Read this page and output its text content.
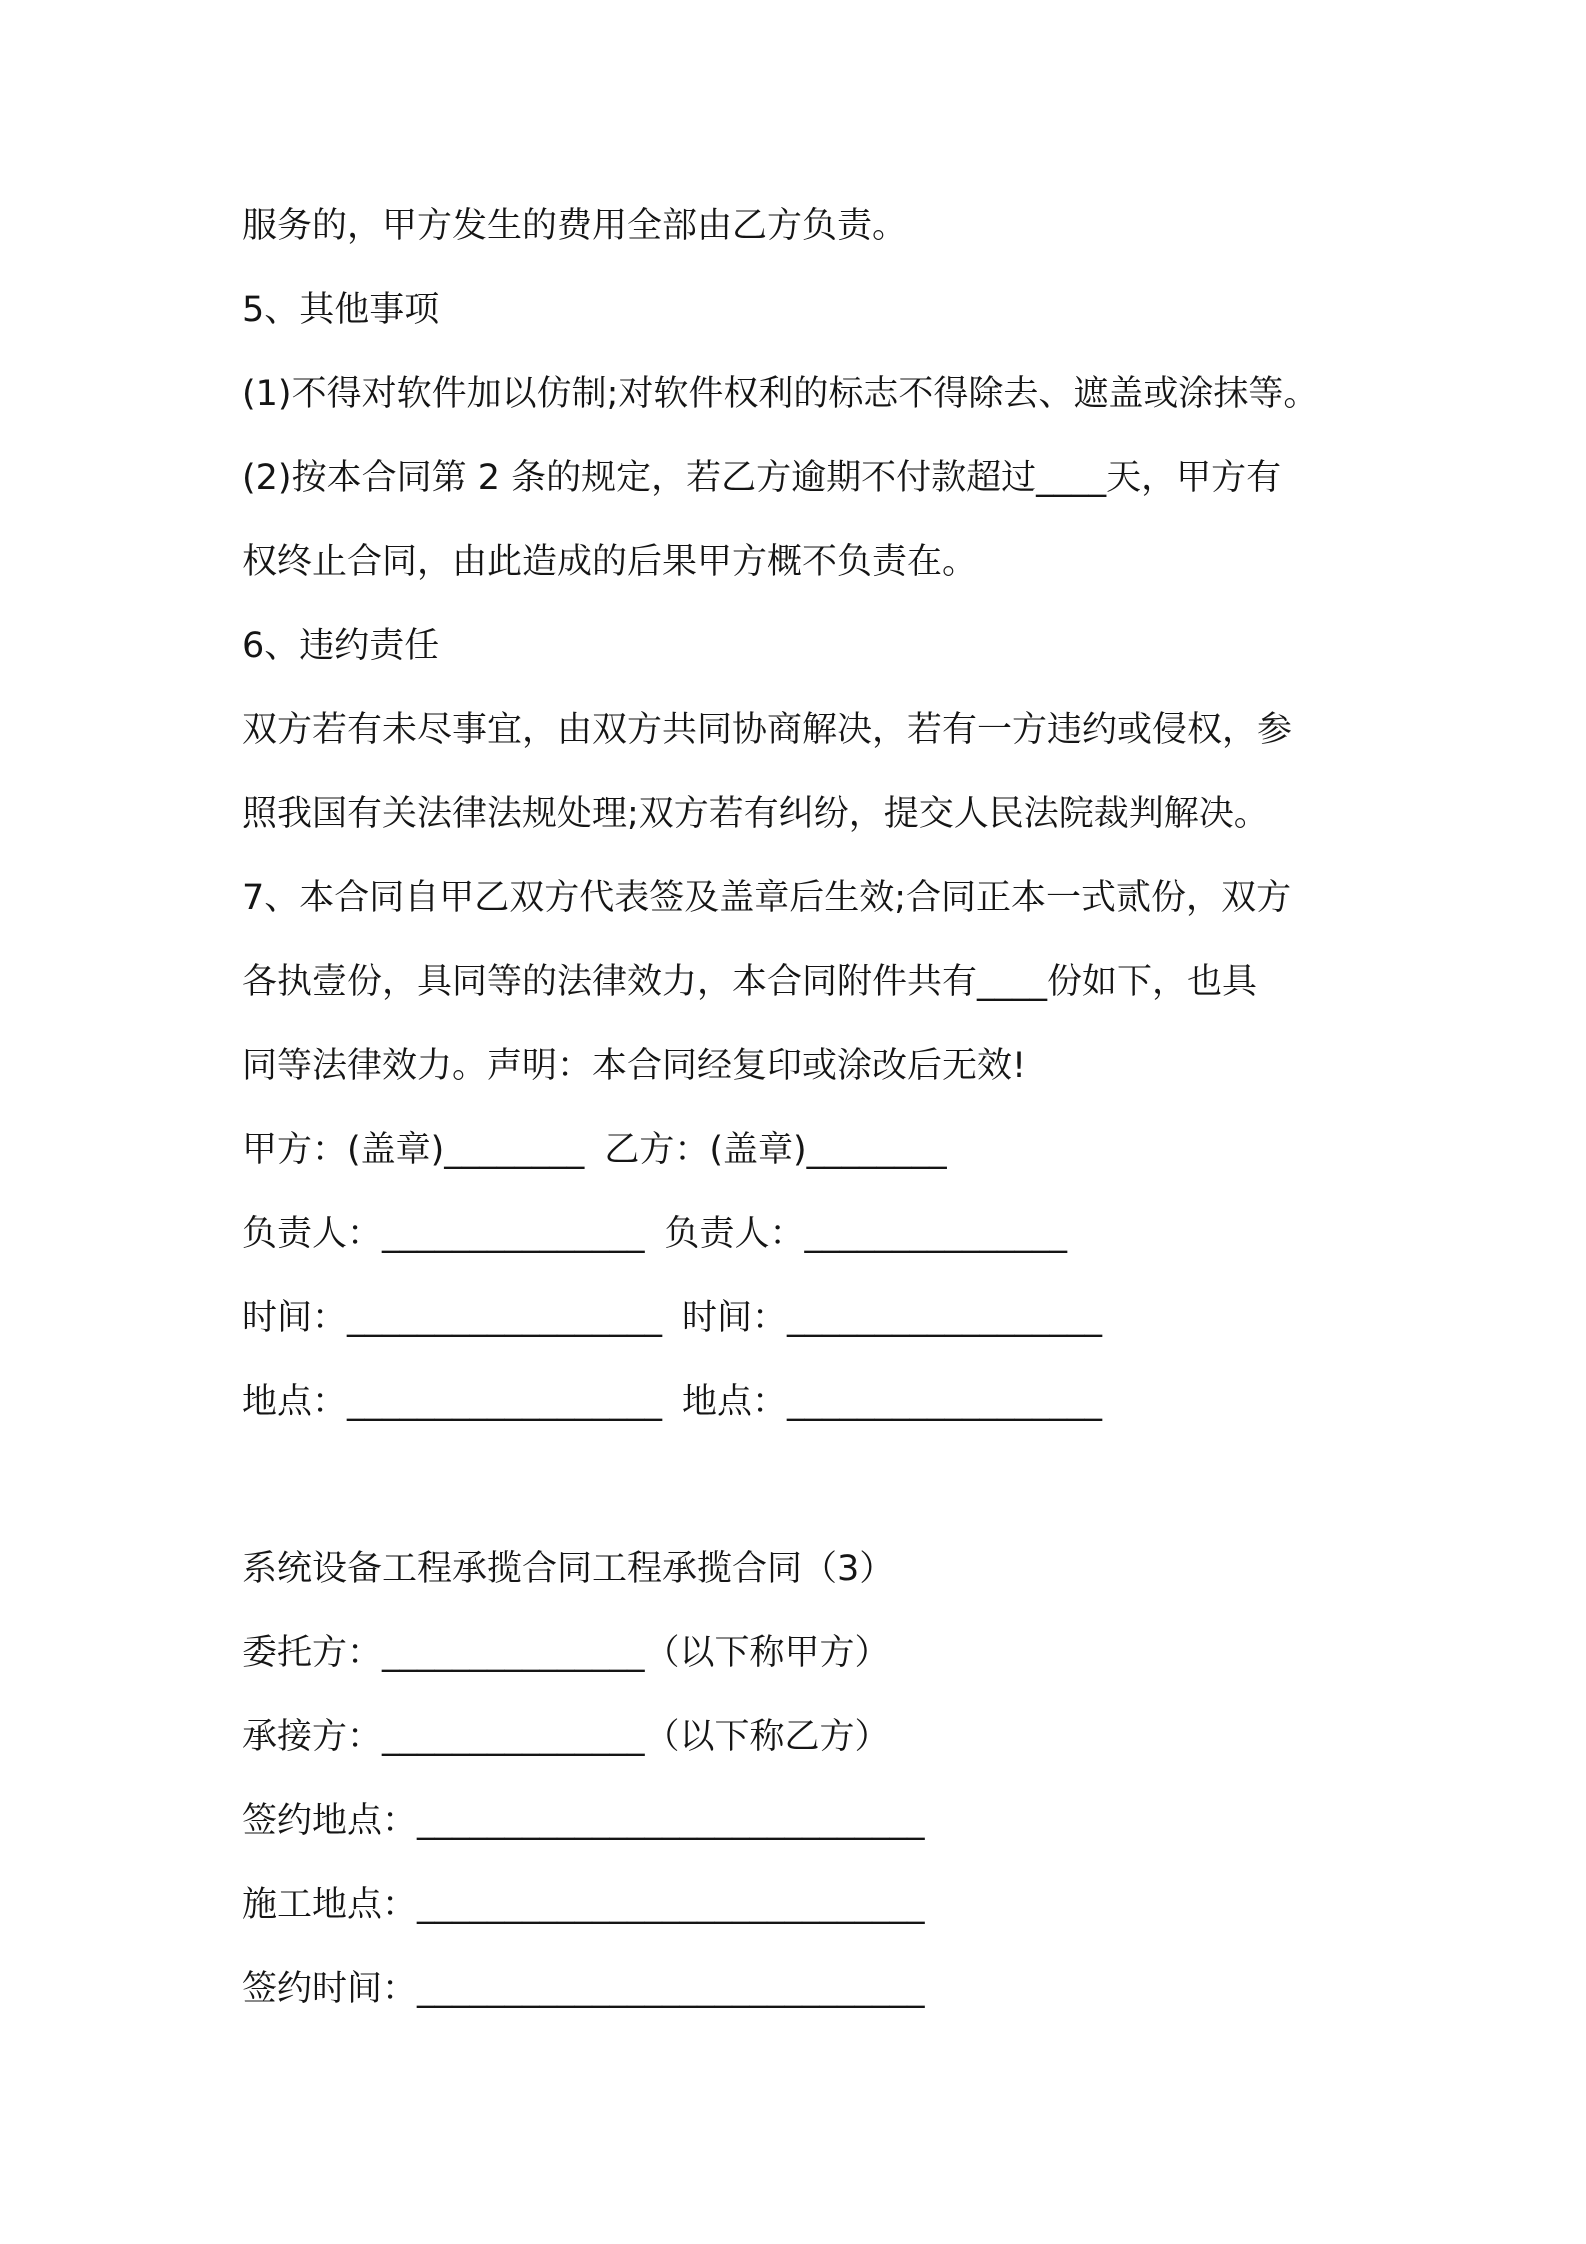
服务的，甲方发生的费用全部由乙方负责。
5、其他事项
(1)不得对软件加以仿制;对软件权利的标志不得除去、遮盖或涂抹等。
(2)按本合同第 2 条的规定，若乙方逾期不付款超过____天，甲方有
权终止合同，由此造成的后果甲方概不负责在。
6、违约责任
双方若有未尽事宜，由双方共同协商解决，若有一方违约或侵权，参
照我国有关法律法规处理;双方若有纠纷，提交人民法院裁判解决。
7、本合同自甲乙双方代表签及盖章后生效;合同正本一式贰份，双方
各执壹份，具同等的法律效力，本合同附件共有____份如下，也具
同等法律效力。声明：本合同经复印或涂改后无效!
甲方：(盖章)________ 乙方：(盖章)________
负责人：_______________ 负责人：_______________
时间：__________________ 时间：__________________
地点：__________________ 地点：__________________
系统设备工程承揽合同工程承揽合同（3）
委托方：_______________（以下称甲方）
承接方：_______________（以下称乙方）
签约地点：_____________________________
施工地点：_____________________________
签约时间：_____________________________
